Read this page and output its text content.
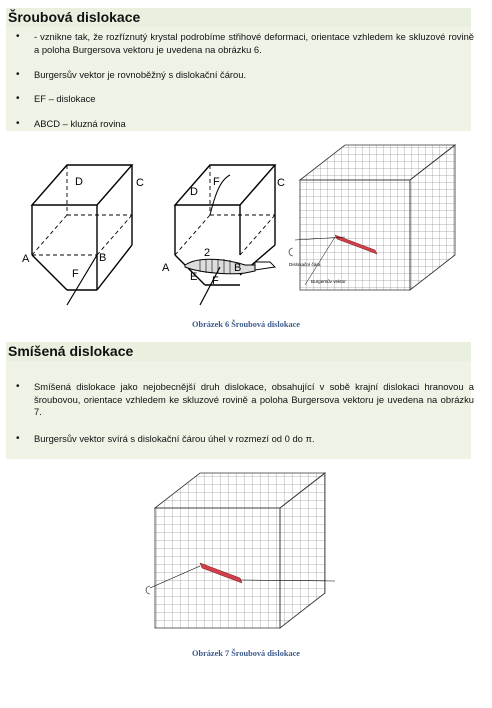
Šroubová dislokace
• - vznikne tak, že rozříznutý krystal podrobíme střihové deformaci, orientace vzhledem ke skluzové rovině a poloha Burgersova vektoru je uvedena na obrázku 6.
• Burgersův vektor je rovnoběžný s dislokační čárou.
• EF – dislokace
• ABCD – kluzná rovina
D	C
A	B
F
F	C
D
2
A
E
B
F
Dislokační čára
Burgersův vektor
Obrázek 6 Šroubová dislokace
Smíšená dislokace
• Smíšená dislokace jako nejobecnější druh dislokace, obsahující v sobě krajní dislokaci hranovou a šroubovou, orientace vzhledem ke skluzové rovině a poloha Burgersova vektoru je uvedena na obrázku 7.
• Burgersův vektor svírá s dislokační čárou úhel v rozmezí od 0 do π.
Obrázek 7 Šroubová dislokace
